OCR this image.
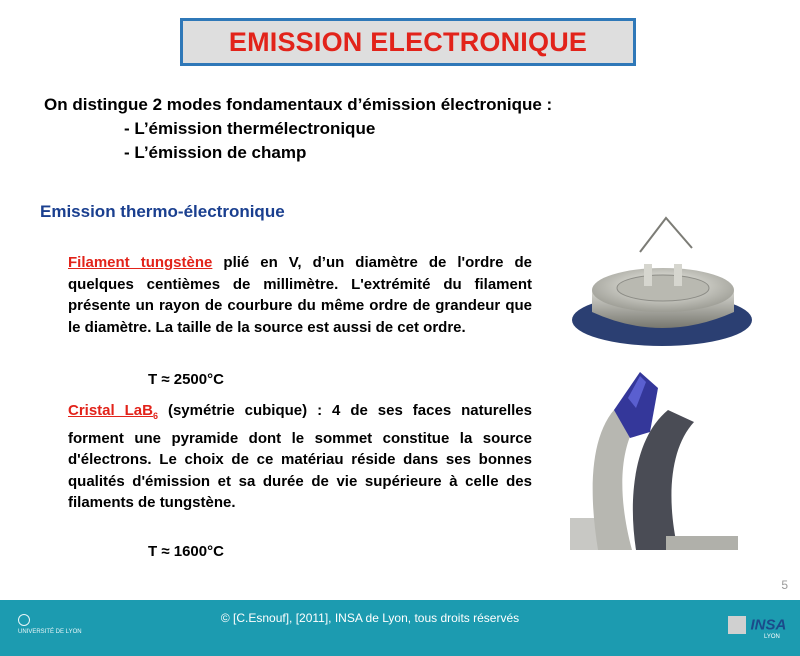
EMISSION ELECTRONIQUE
On distingue 2 modes fondamentaux d’émission électronique :
- L’émission thermélectronique
- L’émission de champ
Emission thermo-électronique
Filament tungstène plié en V, d’un diamètre de l'ordre de quelques centièmes de millimètre. L'extrémité du filament présente un rayon de courbure du même ordre de grandeur que le diamètre. La taille de la source est aussi de cet ordre.
T ≈ 2500°C
Cristal LaB$_6$ (symétrie cubique) : 4 de ses faces naturelles forment une pyramide dont le sommet constitue la source d'électrons. Le choix de ce matériau réside dans ses bonnes qualités d'émission et sa durée de vie supérieure à celle des filaments de tungstène.
T ≈ 1600°C
5
UNIVERSITÉ DE LYON
© [C.Esnouf], [2011], INSA de Lyon, tous droits réservés	INSA
LYON
